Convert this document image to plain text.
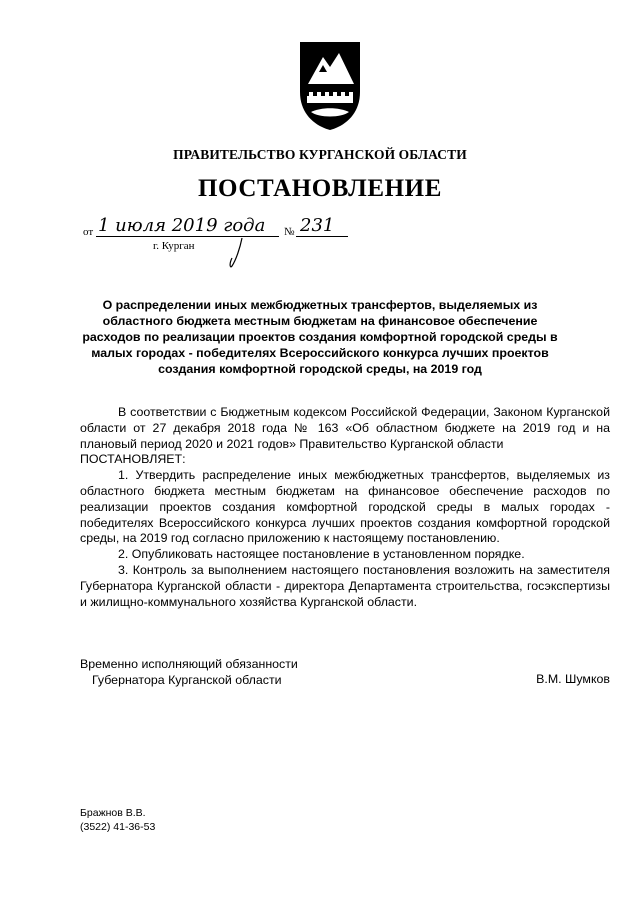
ПРАВИТЕЛЬСТВО КУРГАНСКОЙ ОБЛАСТИ
ПОСТАНОВЛЕНИЕ
от 1 июля 2019 года № 231
г. Курган
О распределении иных межбюджетных трансфертов, выделяемых из областного бюджета местным бюджетам на финансовое обеспечение расходов по реализации проектов создания комфортной городской среды в малых городах - победителях Всероссийского конкурса лучших проектов создания комфортной городской среды, на 2019 год

В соответствии с Бюджетным кодексом Российской Федерации, Законом Курганской области от 27 декабря 2018 года № 163 «Об областном бюджете на 2019 год и на плановый период 2020 и 2021 годов» Правительство Курганской области

ПОСТАНОВЛЯЕТ:

1. Утвердить распределение иных межбюджетных трансфертов, выделяемых из областного бюджета местным бюджетам на финансовое обеспечение расходов по реализации проектов создания комфортной городской среды в малых городах - победителях Всероссийского конкурса лучших проектов создания комфортной городской среды, на 2019 год согласно приложению к настоящему постановлению.

2. Опубликовать настоящее постановление в установленном порядке.

3. Контроль за выполнением настоящего постановления возложить на заместителя Губернатора Курганской области - директора Департамента строительства, госэкспертизы и жилищно-коммунального хозяйства Курганской области.

Временно исполняющий обязанности
Губернатора Курганской области	В.М. Шумков
Бражнов В.В.
(3522) 41-36-53
